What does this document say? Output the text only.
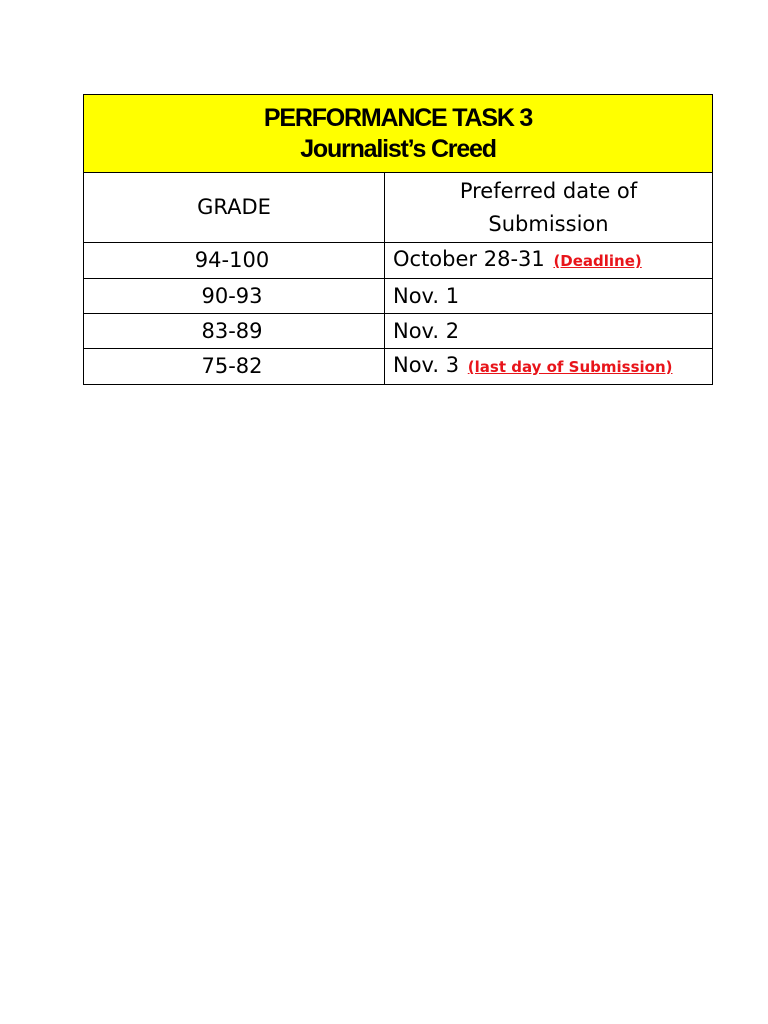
PERFORMANCE TASK 3
Journalist’s Creed	

GRADE	Preferred date of Submission

94-100	October 28-31 (Deadline)
90-93	Nov. 1
83-89	Nov. 2
75-82	Nov. 3 (last day of Submission)
